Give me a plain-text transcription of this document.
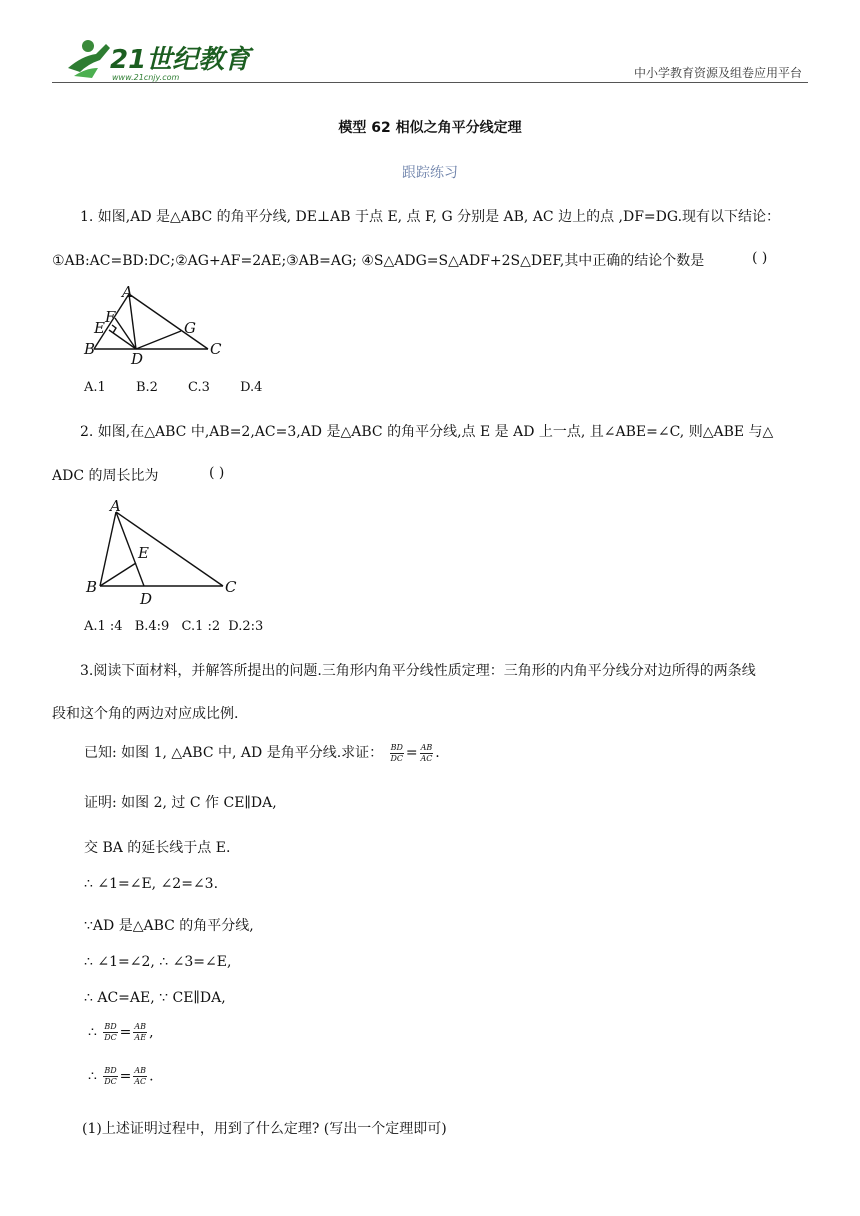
21世纪教育
www.21cnjy.com	中小学教育资源及组卷应用平台
模型 62 相似之角平分线定理
跟踪练习
1. 如图,AD 是△ABC 的角平分线, DE⊥AB 于点 E, 点 F, G 分别是 AB, AC 边上的点 ,DF=DG.现有以下结论：
①AB:AC=BD:DC;②AG+AF=2AE;③AB=AG; ④S△ADG=S△ADF+2S△DEF,其中正确的结论个数是	( )
A
F
E	G
B
D
C
A.1 B.2 C.3 D.4
2. 如图,在△ABC 中,AB=2,AC=3,AD 是△ABC 的角平分线,点 E 是 AD 上一点, 且∠ABE=∠C, 则△ABE 与△
ADC 的周长比为	( )
A
E
B
D
C
A.1 :4 B.4:9 C.1 :2 D.2:3
3.阅读下面材料，并解答所提出的问题.三角形内角平分线性质定理：三角形的内角平分线分对边所得的两条线
段和这个角的两边对应成比例.
已知: 如图 1, △ABC 中, AD 是角平分线.求证： $\frac{BD}{DC} = \frac{AB}{AC}$ .
证明: 如图 2, 过 C 作 CE∥DA,
交 BA 的延长线于点 E.
∴ ∠1=∠E, ∠2=∠3.
∵AD 是△ABC 的角平分线,
∴ ∠1=∠2, ∴ ∠3=∠E,
∴ AC=AE, ∵ CE∥DA,
∴ $\frac{BD}{DC} = \frac{AB}{AE}$ ,
∴ $\frac{BD}{DC} = \frac{AB}{AC}$ .
(1)上述证明过程中，用到了什么定理? (写出一个定理即可)
